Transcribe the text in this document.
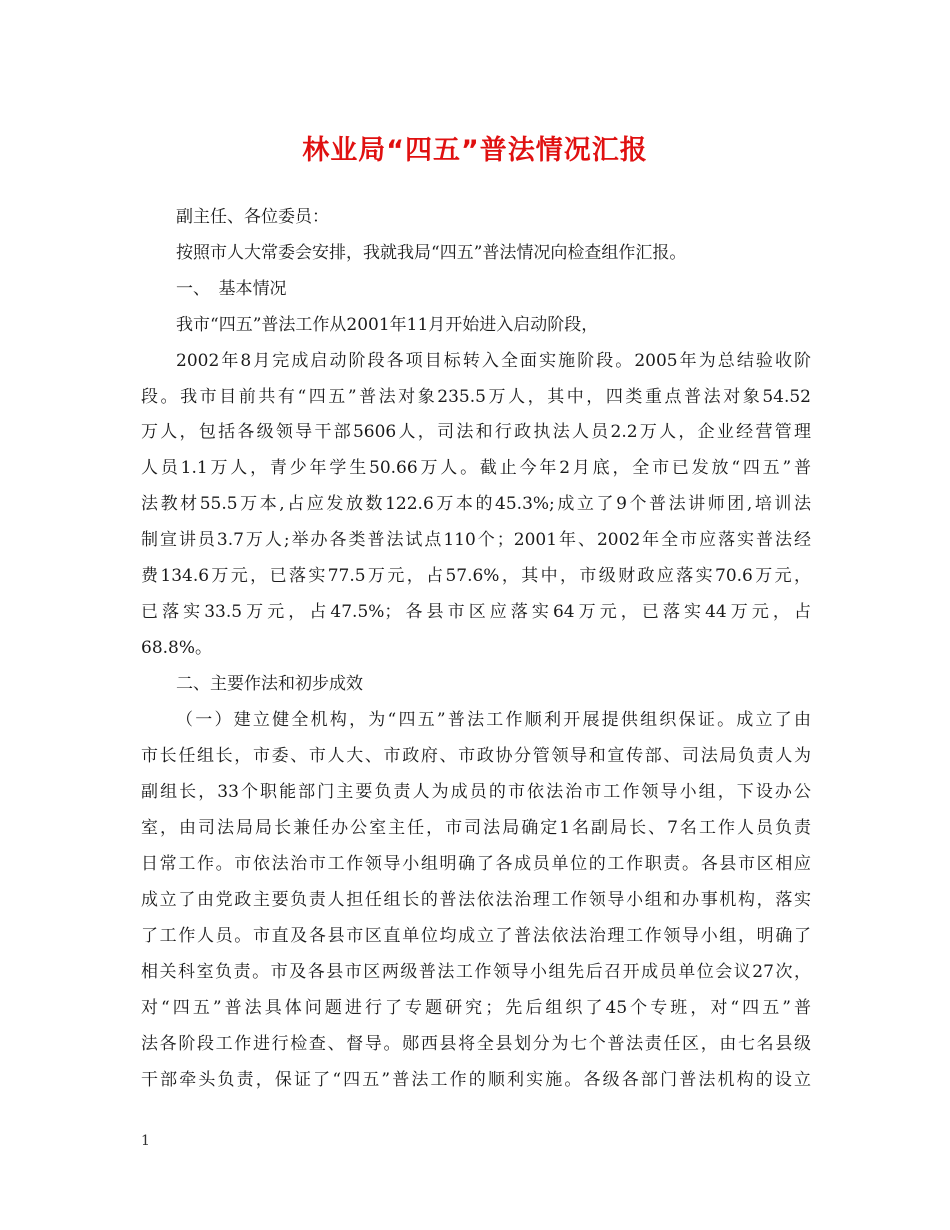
林业局“四五”普法情况汇报
副主任、各位委员：
按照市人大常委会安排，我就我局“四五”普法情况向检查组作汇报。
一、　基本情况
我市“四五”普法工作从2001年11月开始进入启动阶段，
2002年8月完成启动阶段各项目标转入全面实施阶段。2005年为总结验收阶
段。我市目前共有“四五”普法对象235.5万人，其中，四类重点普法对象54.52
万人，包括各级领导干部5606人，司法和行政执法人员2.2万人，企业经营管理
人员1.1万人，青少年学生50.66万人。截止今年2月底，全市已发放“四五”普
法教材55.5万本,占应发放数122.6万本的45.3%;成立了9个普法讲师团,培训法
制宣讲员3.7万人;举办各类普法试点110个；2001年、2002年全市应落实普法经
费134.6万元，已落实77.5万元，占57.6%，其中，市级财政应落实70.6万元，
已落实33.5万元，占47.5%；各县市区应落实64万元，已落实44万元，占
68.8%。
二、主要作法和初步成效
（一）建立健全机构，为“四五”普法工作顺利开展提供组织保证。成立了由
市长任组长，市委、市人大、市政府、市政协分管领导和宣传部、司法局负责人为
副组长，33个职能部门主要负责人为成员的市依法治市工作领导小组，下设办公
室，由司法局局长兼任办公室主任，市司法局确定1名副局长、7名工作人员负责
日常工作。市依法治市工作领导小组明确了各成员单位的工作职责。各县市区相应
成立了由党政主要负责人担任组长的普法依法治理工作领导小组和办事机构，落实
了工作人员。市直及各县市区直单位均成立了普法依法治理工作领导小组，明确了
相关科室负责。市及各县市区两级普法工作领导小组先后召开成员单位会议27次，
对“四五”普法具体问题进行了专题研究；先后组织了45个专班，对“四五”普
法各阶段工作进行检查、督导。郧西县将全县划分为七个普法责任区，由七名县级
干部牵头负责，保证了“四五”普法工作的顺利实施。各级各部门普法机构的设立
1
